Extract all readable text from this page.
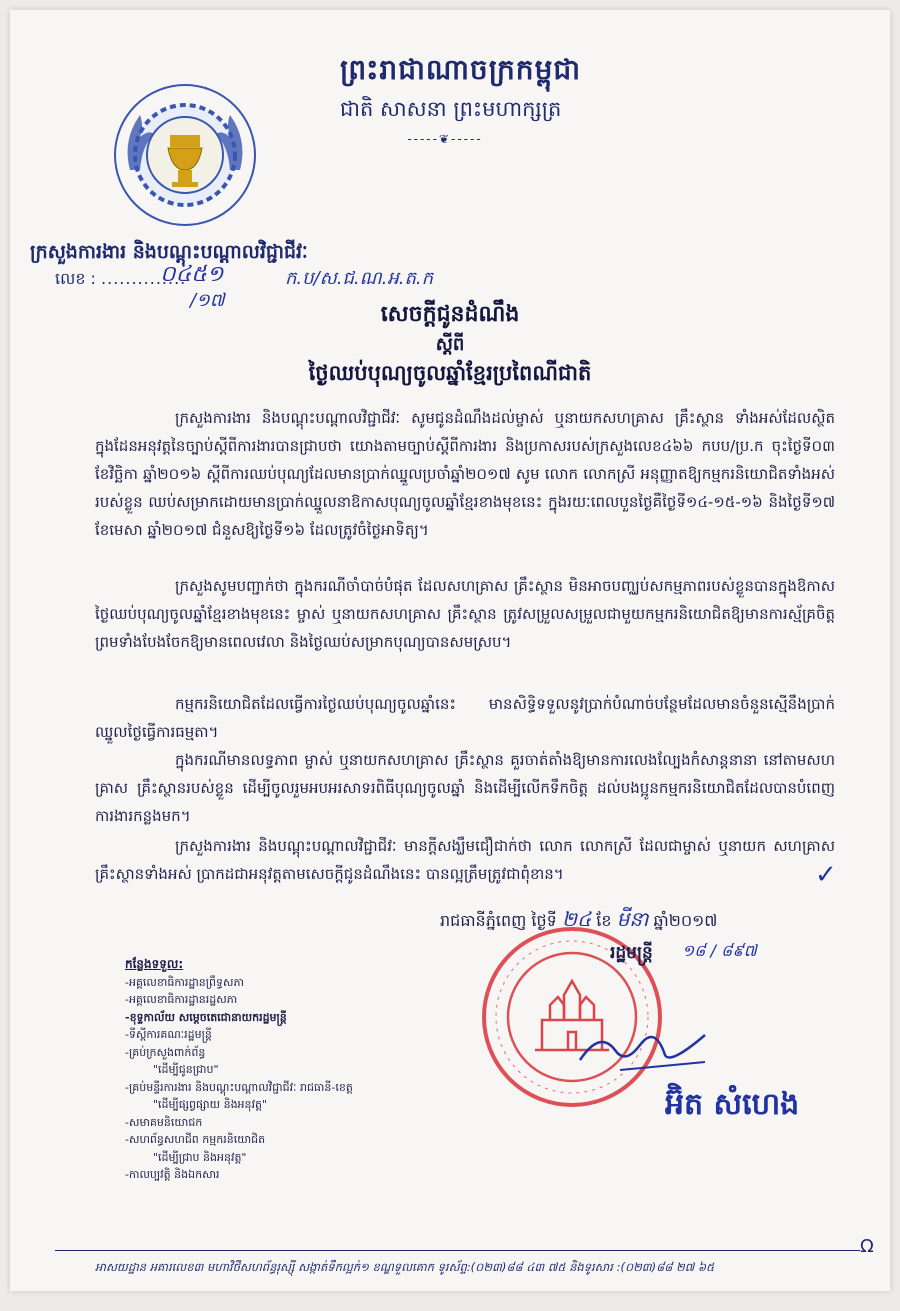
ព្រះរាជាណាចក្រកម្ពុជា
ជាតិ សាសនា ព្រះមហាក្សត្រ
-----❦-----
ក្រសួងការងារ និងបណ្តុះបណ្តាលវិជ្ជាជីវៈ
លេខ : ..............
០៤៥១
/១៧
ក.ប/ស.ជ.ណ.អ.ត.ក
សេចក្តីជូនដំណឹង
ស្តីពី
ថ្ងៃឈប់បុណ្យចូលឆ្នាំខ្មែរប្រពៃណីជាតិ
ក្រសួងការងារ និងបណ្តុះបណ្តាលវិជ្ជាជីវៈ សូមជូនដំណឹងដល់ម្ចាស់ ឬនាយកសហគ្រាស គ្រឹះស្ថាន ទាំងអស់ដែលស្ថិតក្នុងដែនអនុវត្តនៃច្បាប់ស្តីពីការងារបានជ្រាបថា យោងតាមច្បាប់ស្តីពីការងារ និងប្រកាសរបស់ក្រសួងលេខ៤៦៦ កបប/ប្រ.ក ចុះថ្ងៃទី០៣ ខែវិច្ឆិកា ឆ្នាំ២០១៦ ស្តីពីការឈប់បុណ្យដែលមានប្រាក់ឈ្នួលប្រចាំឆ្នាំ២០១៧ សូម លោក លោកស្រី អនុញ្ញាតឱ្យកម្មករនិយោជិតទាំងអស់របស់ខ្លួន ឈប់សម្រាកដោយមានប្រាក់ឈ្នួលនាឱកាសបុណ្យចូលឆ្នាំខ្មែរខាងមុខនេះ ក្នុងរយៈពេលបួនថ្ងៃគឺថ្ងៃទី១៤-១៥-១៦ និងថ្ងៃទី១៧ ខែមេសា ឆ្នាំ២០១៧ ជំនួសឱ្យថ្ងៃទី១៦ ដែលត្រូវចំថ្ងៃអាទិត្យ។
ក្រសួងសូមបញ្ជាក់ថា ក្នុងករណីចាំបាច់បំផុត ដែលសហគ្រាស គ្រឹះស្ថាន មិនអាចបញ្ឈប់សកម្មភាពរបស់ខ្លួនបានក្នុងឱកាសថ្ងៃឈប់បុណ្យចូលឆ្នាំខ្មែរខាងមុខនេះ ម្ចាស់ ឬនាយកសហគ្រាស គ្រឹះស្ថាន ត្រូវសម្រួលសម្រួលជាមួយកម្មករនិយោជិតឱ្យមានការស្ម័គ្រចិត្ត ព្រមទាំងបែងចែកឱ្យមានពេលវេលា និងថ្ងៃឈប់សម្រាកបុណ្យបានសមស្រប។
កម្មករនិយោជិតដែលធ្វើការថ្ងៃឈប់បុណ្យចូលឆ្នាំនេះ មានសិទ្ធិទទួលនូវប្រាក់បំណាច់បន្ថែមដែលមានចំនួនស្មើនឹងប្រាក់ឈ្នួលថ្ងៃធ្វើការធម្មតា។
ក្នុងករណីមានលទ្ធភាព ម្ចាស់ ឬនាយកសហគ្រាស គ្រឹះស្ថាន គួរចាត់តាំងឱ្យមានការលេងល្បែងកំសាន្តនានា នៅតាមសហគ្រាស គ្រឹះស្ថានរបស់ខ្លួន ដើម្បីចូលរួមអបអរសាទរពិធីបុណ្យចូលឆ្នាំ និងដើម្បីលើកទឹកចិត្ត ដល់បងប្អូនកម្មករនិយោជិតដែលបានបំពេញការងារកន្លងមក។
ក្រសួងការងារ និងបណ្តុះបណ្តាលវិជ្ជាជីវៈ មានក្តីសង្ឃឹមជឿជាក់ថា លោក លោកស្រី ដែលជាម្ចាស់ ឬនាយក សហគ្រាស គ្រឹះស្ថានទាំងអស់ ប្រាកដជាអនុវត្តតាមសេចក្តីជូនដំណឹងនេះ បានល្អត្រឹមត្រូវជាពុំខាន។	✓
រាជធានីភ្នំពេញ ថ្ងៃទី ២៤ ខែ មីនា ឆ្នាំ២០១៧
រដ្ឋមន្ត្រី ១៨ / ៨៩៧
អ៊ិត សំហេង
កន្លែងទទួល:
-អគ្គលេខាធិការដ្ឋានព្រឹទ្ធសភា
-អគ្គលេខាធិការដ្ឋានរដ្ឋសភា
-ខុទ្ទកាល័យ សម្តេចតេជោនាយករដ្ឋមន្ត្រី
-ទីស្តីការគណៈរដ្ឋមន្ត្រី
-គ្រប់ក្រសួងពាក់ព័ន្ធ
"ដើម្បីជូនជ្រាប"
-គ្រប់មន្ទីរការងារ និងបណ្តុះបណ្តាលវិជ្ជាជីវៈ រាជធានី-ខេត្ត
"ដើម្បីផ្សព្វផ្សាយ និងអនុវត្ត"
-សមាគមនិយោជក
-សហព័ន្ធសហជីព កម្មករនិយោជិត
"ដើម្បីជ្រាប និងអនុវត្ត"
-កាលប្បវត្តិ និងឯកសារ
Ω
អាសយដ្ឋាន អគារលេខ៣ មហាវិថីសហព័ន្ធរុស្ស៊ី សង្កាត់ទឹកល្អក់១ ខណ្ឌទួលគោក ទូរស័ព្ទ:(០២៣)៨៨ ៤៣ ៧៥ និងទូរសារ :(០២៣)៨៨ ២៧ ៦៥
